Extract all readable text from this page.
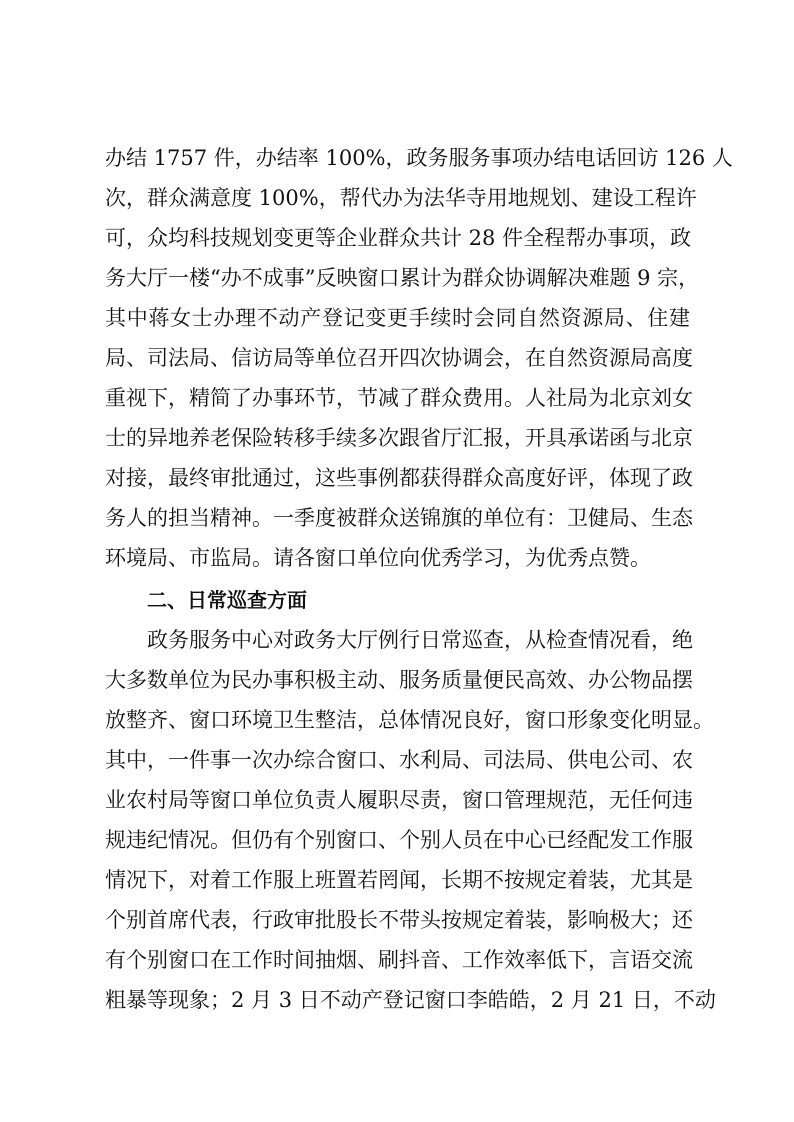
办结 1757 件，办结率 100%，政务服务事项办结电话回访 126 人
次，群众满意度 100%，帮代办为法华寺用地规划、建设工程许
可，众均科技规划变更等企业群众共计 28 件全程帮办事项，政
务大厅一楼“办不成事”反映窗口累计为群众协调解决难题 9 宗，
其中蒋女士办理不动产登记变更手续时会同自然资源局、住建
局、司法局、信访局等单位召开四次协调会，在自然资源局高度
重视下，精简了办事环节，节减了群众费用。人社局为北京刘女
士的异地养老保险转移手续多次跟省厅汇报，开具承诺函与北京
对接，最终审批通过，这些事例都获得群众高度好评，体现了政
务人的担当精神。一季度被群众送锦旗的单位有：卫健局、生态
环境局、市监局。请各窗口单位向优秀学习，为优秀点赞。
二、日常巡查方面
政务服务中心对政务大厅例行日常巡查，从检查情况看，绝
大多数单位为民办事积极主动、服务质量便民高效、办公物品摆
放整齐、窗口环境卫生整洁，总体情况良好，窗口形象变化明显。
其中，一件事一次办综合窗口、水利局、司法局、供电公司、农
业农村局等窗口单位负责人履职尽责，窗口管理规范，无任何违
规违纪情况。但仍有个别窗口、个别人员在中心已经配发工作服
情况下，对着工作服上班置若罔闻，长期不按规定着装，尤其是
个别首席代表，行政审批股长不带头按规定着装，影响极大；还
有个别窗口在工作时间抽烟、刷抖音、工作效率低下，言语交流
粗暴等现象；2 月 3 日不动产登记窗口李皓皓，2 月 21 日，不动
